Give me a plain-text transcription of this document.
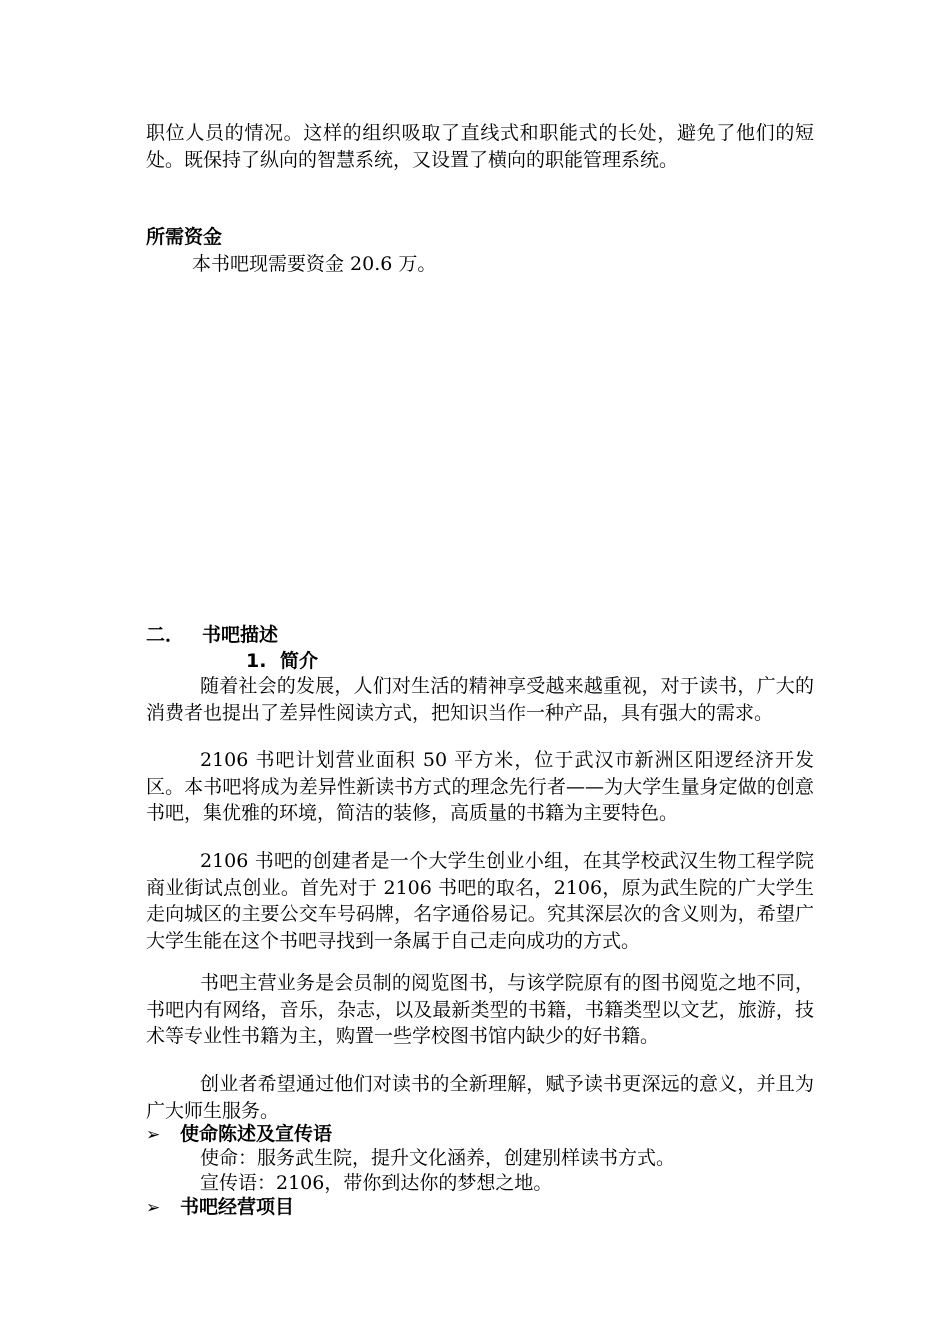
职位人员的情况。这样的组织吸取了直线式和职能式的长处，避免了他们的短处。既保持了纵向的智慧系统，又设置了横向的职能管理系统。
所需资金
本书吧现需要资金 20.6 万。
二． 书吧描述
1. 简介
随着社会的发展，人们对生活的精神享受越来越重视，对于读书，广大的消费者也提出了差异性阅读方式，把知识当作一种产品，具有强大的需求。
2106 书吧计划营业面积 50 平方米，位于武汉市新洲区阳逻经济开发区。本书吧将成为差异性新读书方式的理念先行者——为大学生量身定做的创意书吧，集优雅的环境，简洁的装修，高质量的书籍为主要特色。
2106 书吧的创建者是一个大学生创业小组，在其学校武汉生物工程学院商业街试点创业。首先对于 2106 书吧的取名，2106，原为武生院的广大学生走向城区的主要公交车号码牌，名字通俗易记。究其深层次的含义则为，希望广大学生能在这个书吧寻找到一条属于自己走向成功的方式。
书吧主营业务是会员制的阅览图书，与该学院原有的图书阅览之地不同，书吧内有网络，音乐，杂志，以及最新类型的书籍，书籍类型以文艺，旅游，技术等专业性书籍为主，购置一些学校图书馆内缺少的好书籍。
创业者希望通过他们对读书的全新理解，赋予读书更深远的意义，并且为广大师生服务。
➢ 使命陈述及宣传语
使命：服务武生院，提升文化涵养，创建别样读书方式。
宣传语：2106，带你到达你的梦想之地。
➢ 书吧经营项目
